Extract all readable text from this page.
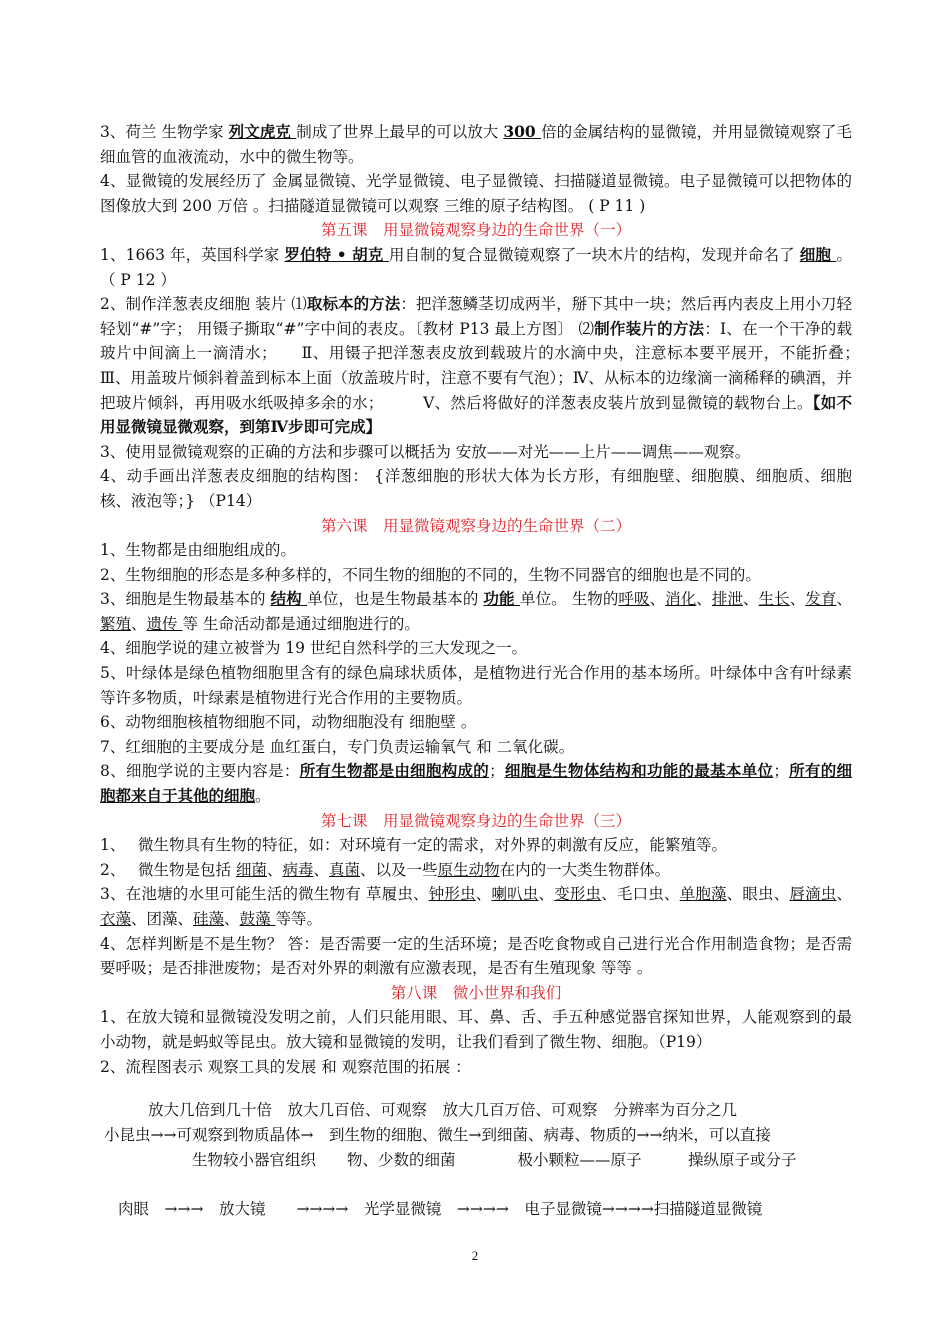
3、荷兰 生物学家 列文虎克 制成了世界上最早的可以放大 300 倍的金属结构的显微镜，并用显微镜观察了毛细血管的血液流动，水中的微生物等。

4、显微镜的发展经历了 金属显微镜、光学显微镜、电子显微镜、扫描隧道显微镜。电子显微镜可以把物体的图像放大到 200 万倍 。扫描隧道显微镜可以观察 三维的原子结构图。 ( P 11 )

第五课　用显微镜观察身边的生命世界（一）

1、1663 年，英国科学家 罗伯特 • 胡克 用自制的复合显微镜观察了一块木片的结构，发现并命名了 细胞 。 （ P 12 ）

2、制作洋葱表皮细胞 装片 ⑴取标本的方法：把洋葱鳞茎切成两半，掰下其中一块；然后再内表皮上用小刀轻轻划“#”字； 用镊子撕取“#”字中间的表皮。〔教材 P13 最上方图〕 ⑵制作装片的方法：Ⅰ、在一个干净的载玻片中间滴上一滴清水；　　Ⅱ、用镊子把洋葱表皮放到载玻片的水滴中央，注意标本要平展开，不能折叠；　　Ⅲ、用盖玻片倾斜着盖到标本上面（放盖玻片时，注意不要有气泡）；Ⅳ、从标本的边缘滴一滴稀释的碘酒，并把玻片倾斜，再用吸水纸吸掉多余的水；　　　Ⅴ、然后将做好的洋葱表皮装片放到显微镜的载物台上。【如不用显微镜显微观察，到第Ⅳ步即可完成】

3、使用显微镜观察的正确的方法和步骤可以概括为 安放——对光——上片——调焦——观察。

4、动手画出洋葱表皮细胞的结构图： {洋葱细胞的形状大体为长方形，有细胞壁、细胞膜、细胞质、细胞核、液泡等；} （P14）

第六课　用显微镜观察身边的生命世界（二）

1、生物都是由细胞组成的。

2、生物细胞的形态是多种多样的，不同生物的细胞的不同的，生物不同器官的细胞也是不同的。

3、细胞是生物最基本的 结构 单位，也是生物最基本的 功能 单位。 生物的呼吸、消化、排泄、生长、发育、繁殖、遗传 等 生命活动都是通过细胞进行的。

4、细胞学说的建立被誉为 19 世纪自然科学的三大发现之一。

5、叶绿体是绿色植物细胞里含有的绿色扁球状质体，是植物进行光合作用的基本场所。叶绿体中含有叶绿素等许多物质，叶绿素是植物进行光合作用的主要物质。

6、动物细胞核植物细胞不同，动物细胞没有 细胞壁 。

7、红细胞的主要成分是 血红蛋白，专门负责运输氧气 和 二氧化碳。

8、细胞学说的主要内容是：所有生物都是由细胞构成的；细胞是生物体结构和功能的最基本单位；所有的细胞都来自于其他的细胞。

第七课　用显微镜观察身边的生命世界（三）

1、　 微生物具有生物的特征，如：对环境有一定的需求，对外界的刺激有反应，能繁殖等。

2、　 微生物是包括 细菌、病毒、真菌、以及一些原生动物在内的一大类生物群体。

3、在池塘的水里可能生活的微生物有 草履虫、钟形虫、喇叭虫、变形虫、毛口虫、单胞藻、眼虫、唇滴虫、衣藻、团藻、硅藻、鼓藻 等等。

4、怎样判断是不是生物？ 答：是否需要一定的生活环境；是否吃食物或自己进行光合作用制造食物；是否需要呼吸；是否排泄废物；是否对外界的刺激有应激表现，是否有生殖现象 等等 。

第八课　微小世界和我们

1、在放大镜和显微镜没发明之前，人们只能用眼、耳、鼻、舌、手五种感觉器官探知世界，人能观察到的最小动物，就是蚂蚁等昆虫。放大镜和显微镜的发明，让我们看到了微生物、细胞。（P19）

2、流程图表示 观察工具的发展 和 观察范围的拓展 ：

放大几倍到几十倍　放大几百倍、可观察　放大几百万倍、可观察　分辨率为百分之几
小昆虫→→可观察到物质晶体→　到生物的细胞、微生→到细菌、病毒、物质的→→纳米，可以直接
生物较小器官组织　　物、少数的细菌　　　　极小颗粒——原子　　　操纵原子或分子
肉眼　→→→　放大镜　　→→→→　光学显微镜　→→→→　电子显微镜→→→→扫描隧道显微镜
2
